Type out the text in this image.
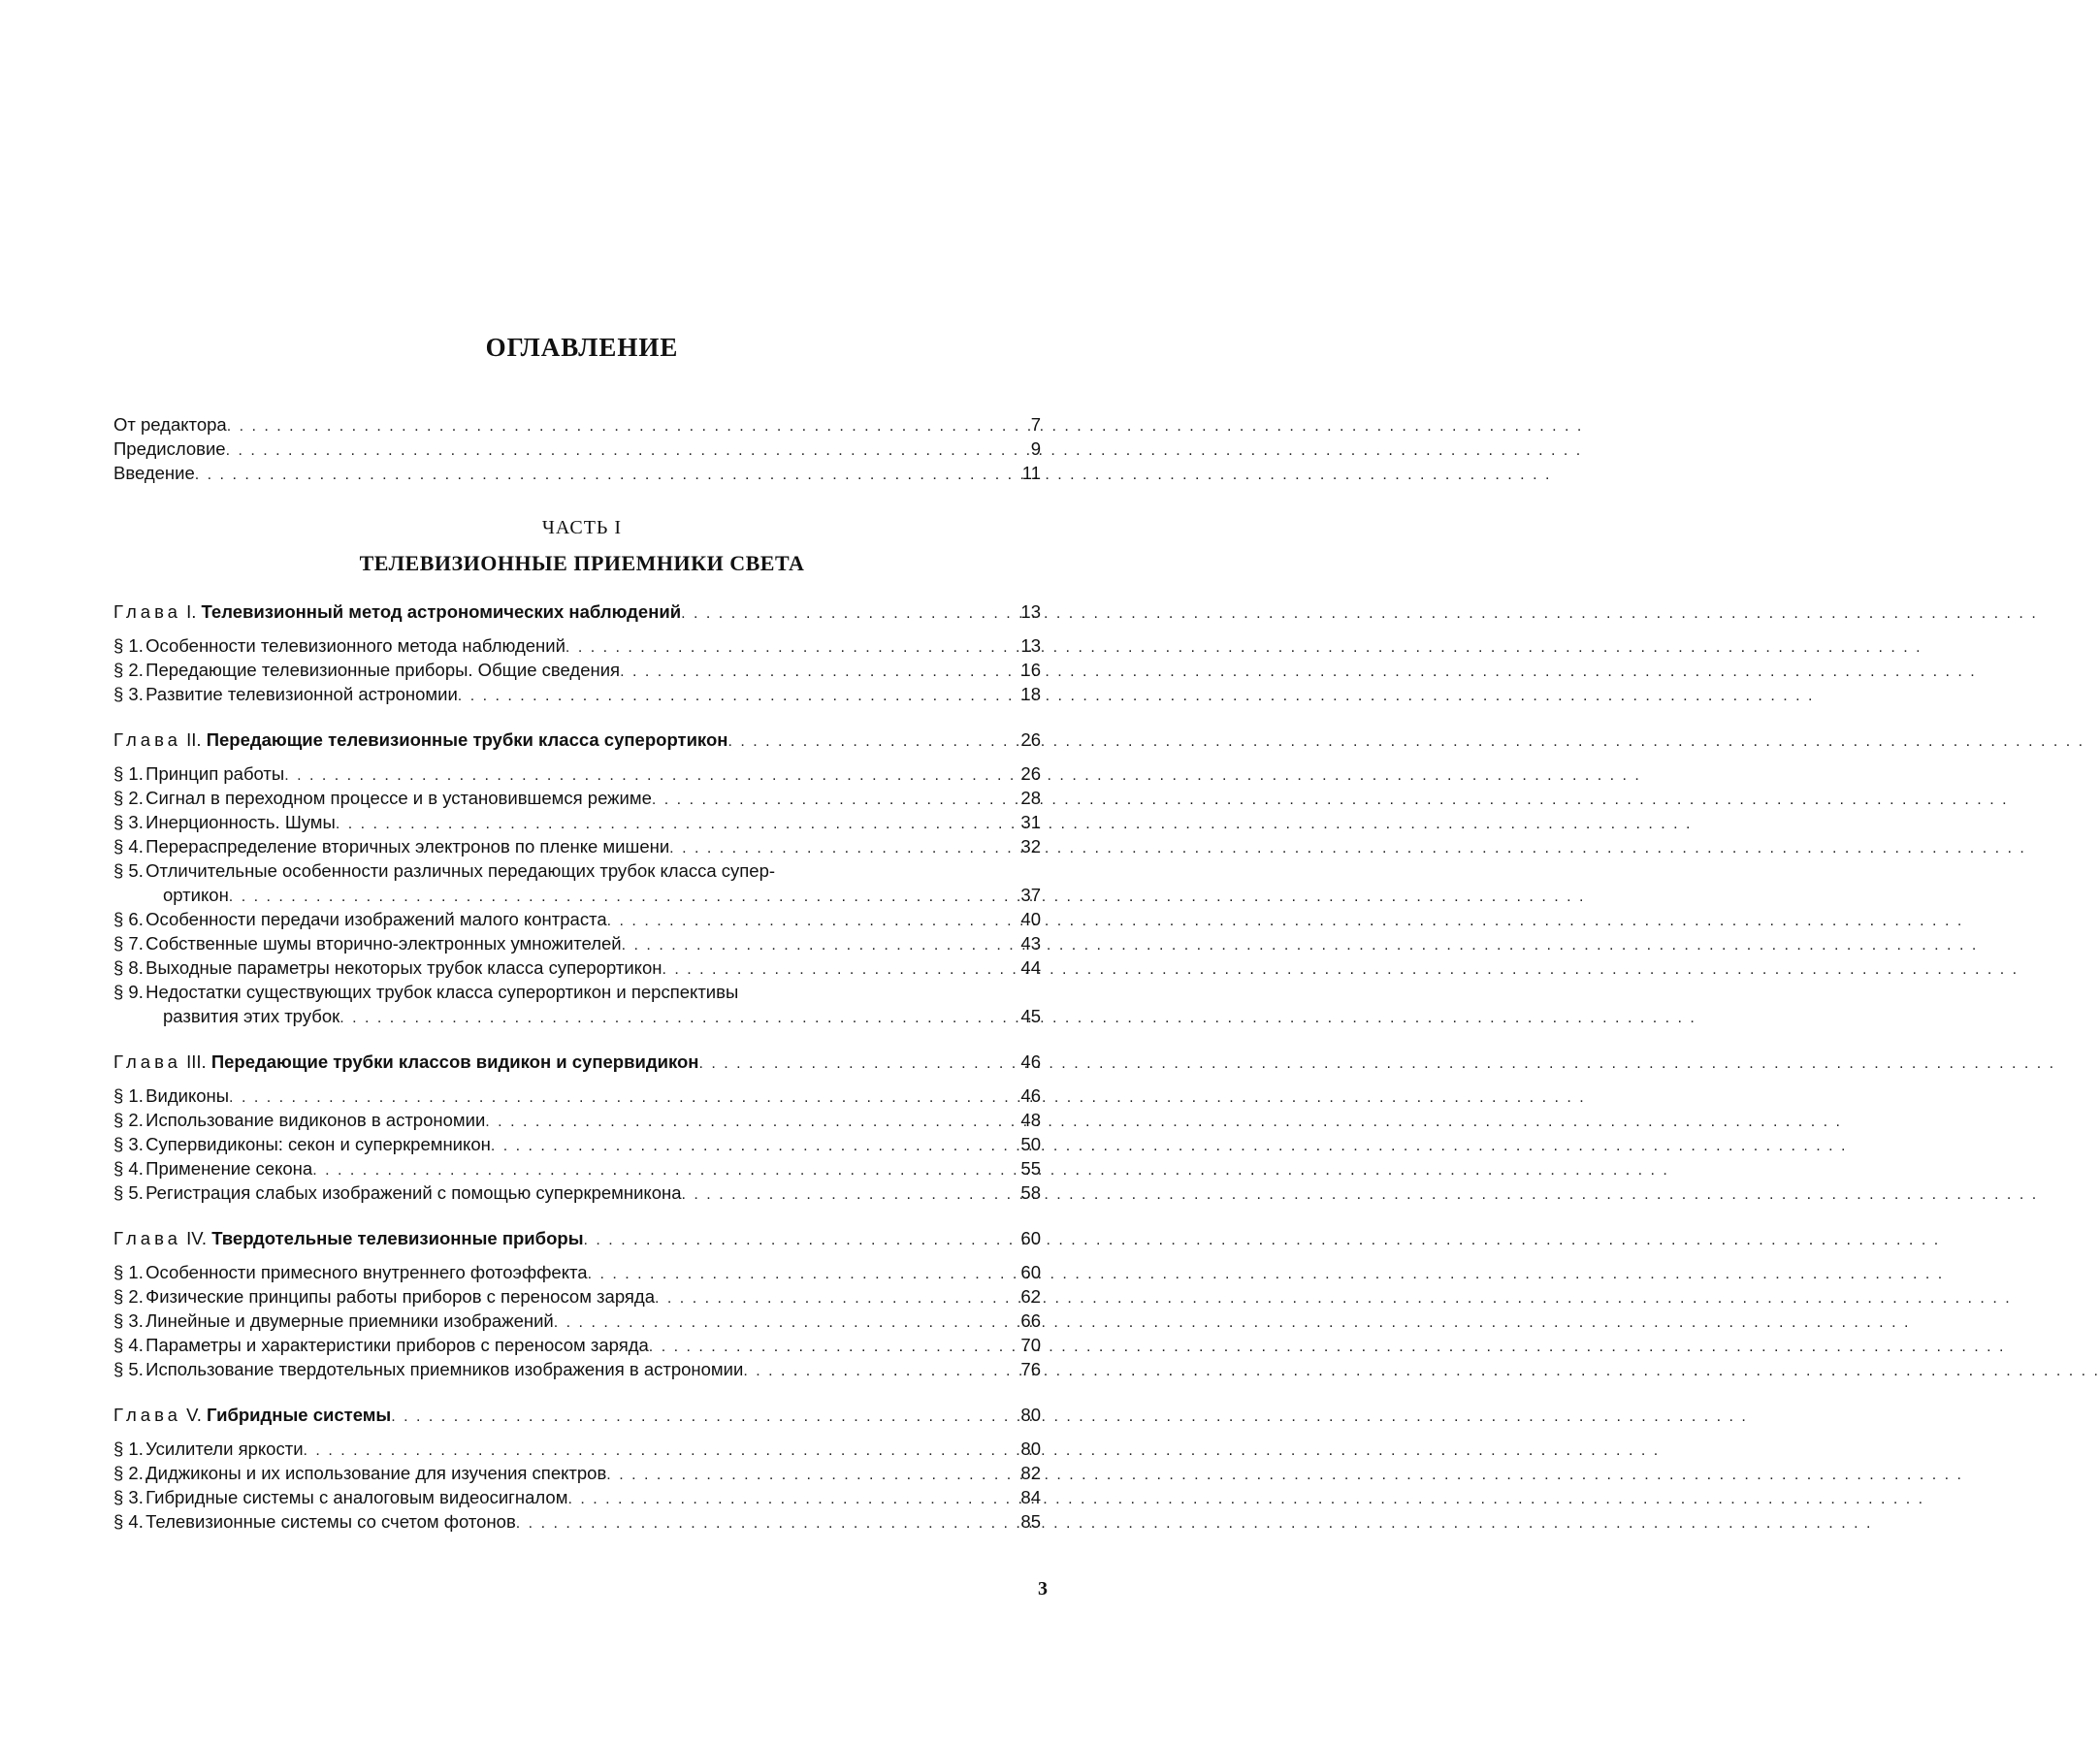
ОГЛАВЛЕНИЕ
От редактора . . .	7
Предисловие . . .	9
Введение . . .	11
ЧАСТЬ I
ТЕЛЕВИЗИОННЫЕ ПРИЕМНИКИ СВЕТА
Глава I. Телевизионный метод астрономических наблюдений . . .	13
§ 1. Особенности телевизионного метода наблюдений . . .	13
§ 2. Передающие телевизионные приборы. Общие сведения . . .	16
§ 3. Развитие телевизионной астрономии . . .	18
Глава II. Передающие телевизионные трубки класса суперортикон . . .	26
§ 1. Принцип работы . . .	26
§ 2. Сигнал в переходном процессе и в установившемся режиме . . .	28
§ 3. Инерционность. Шумы . . .	31
§ 4. Перераспределение вторичных электронов по пленке мишени . . .	32
§ 5. Отличительные особенности различных передающих трубок класса супер-
ортикон . . .	37
§ 6. Особенности передачи изображений малого контраста . . .	40
§ 7. Собственные шумы вторично-электронных умножителей . . .	43
§ 8. Выходные параметры некоторых трубок класса суперортикон . . .	44
§ 9. Недостатки существующих трубок класса суперортикон и перспективы
развития этих трубок . . .	45
Глава III. Передающие трубки классов видикон и супервидикон . . .	46
§ 1. Видиконы . . .	46
§ 2. Использование видиконов в астрономии . . .	48
§ 3. Супервидиконы: секон и суперкремникон . . .	50
§ 4. Применение секона . . .	55
§ 5. Регистрация слабых изображений с помощью суперкремникона . . .	58
Глава IV. Твердотельные телевизионные приборы . . .	60
§ 1. Особенности примесного внутреннего фотоэффекта . . .	60
§ 2. Физические принципы работы приборов с переносом заряда . . .	62
§ 3. Линейные и двумерные приемники изображений . . .	66
§ 4. Параметры и характеристики приборов с переносом заряда . . .	70
§ 5. Использование твердотельных приемников изображения в астрономии . . .	76
Глава V. Гибридные системы . . .	80
§ 1. Усилители яркости . . .	80
§ 2. Диджиконы и их использование для изучения спектров . . .	82
§ 3. Гибридные системы с аналоговым видеосигналом . . .	84
§ 4. Телевизионные системы со счетом фотонов . . .	85
3
